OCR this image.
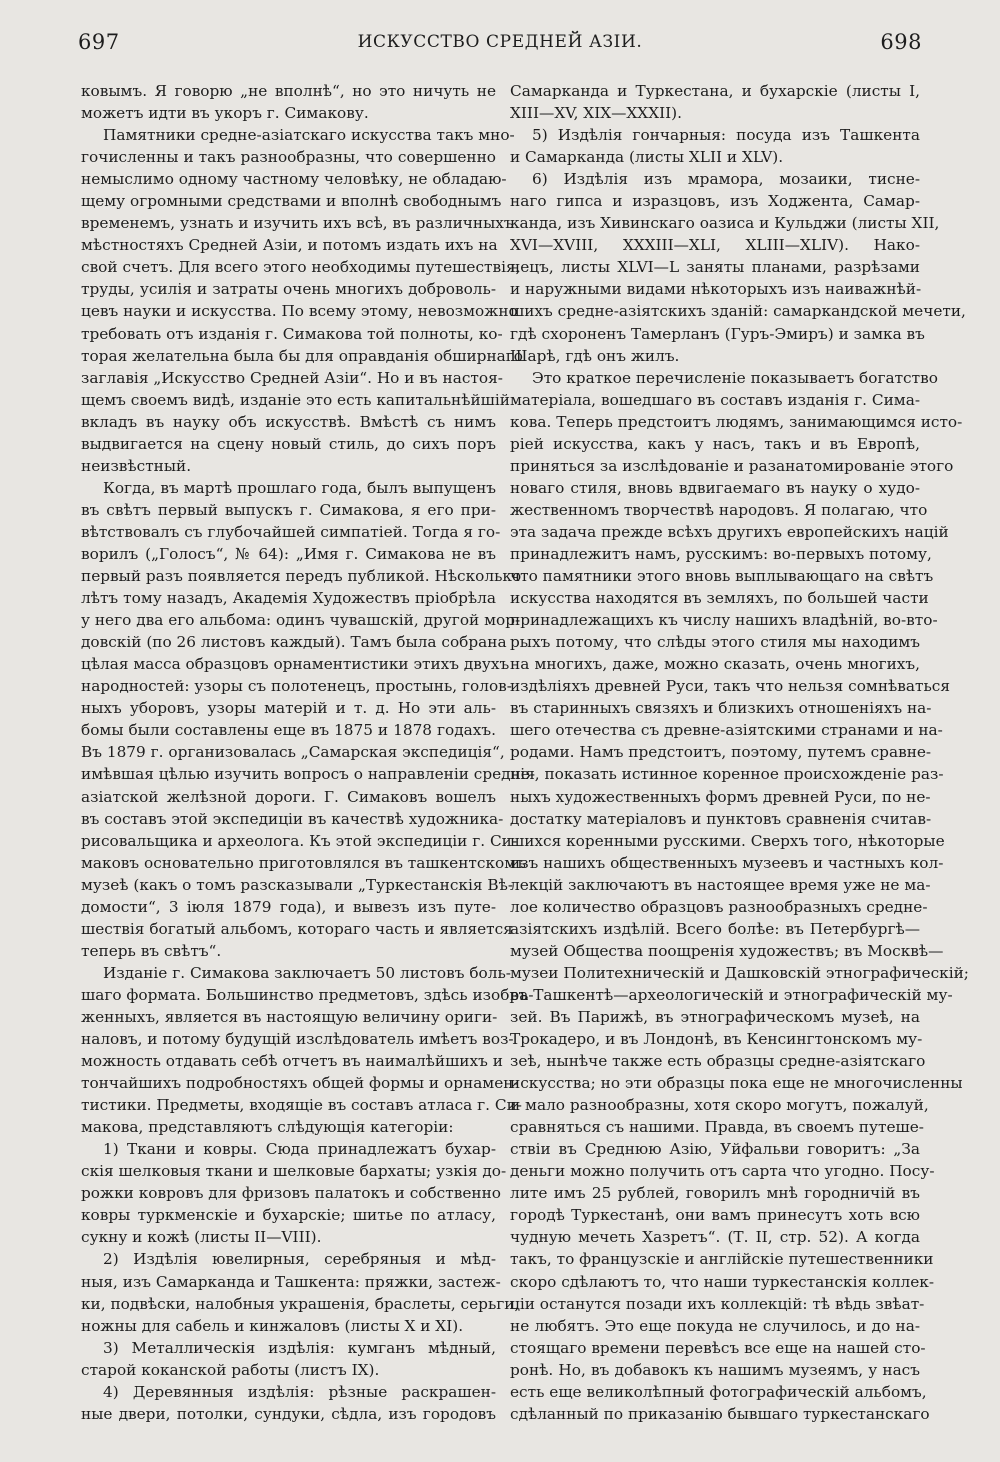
697	ИСКУССТВО СРЕДНЕЙ АЗІИ.	698
ковымъ. Я говорю „не вполнѣ“, но это ничуть не
можетъ идти въ укоръ г. Симакову.
Памятники средне-азіатскаго искусства такъ мно-
гочисленны и такъ разнообразны, что совершенно
немыслимо одному частному человѣку, не обладаю-
щему огромными средствами и вполнѣ свободнымъ
временемъ, узнать и изучить ихъ всѣ, въ различныхъ
мѣстностяхъ Средней Азіи, и потомъ издать ихъ на
свой счетъ. Для всего этого необходимы путешествія,
труды, усилія и затраты очень многихъ доброволь-
цевъ науки и искусства. По всему этому, невозможно
требовать отъ изданія г. Симакова той полноты, ко-
торая желательна была бы для оправданія обширнаго
заглавія „Искусство Средней Азіи“. Но и въ настоя-
щемъ своемъ видѣ, изданіе это есть капитальнѣйшій
вкладъ въ науку объ искусствѣ. Вмѣстѣ съ нимъ
выдвигается на сцену новый стиль, до сихъ поръ
неизвѣстный.
Когда, въ мартѣ прошлаго года, былъ выпущенъ
въ свѣтъ первый выпускъ г. Симакова, я его при-
вѣтствовалъ съ глубочайшей симпатіей. Тогда я го-
ворилъ („Голосъ“, № 64): „Имя г. Симакова не въ
первый разъ появляется передъ публикой. Нѣсколько
лѣтъ тому назадъ, Академія Художествъ пріобрѣла
у него два его альбома: одинъ чувашскій, другой мор-
довскій (по 26 листовъ каждый). Тамъ была собрана
цѣлая масса образцовъ орнаментистики этихъ двухъ
народностей: узоры съ полотенецъ, простынь, голов-
ныхъ уборовъ, узоры матерій и т. д. Но эти аль-
бомы были составлены еще въ 1875 и 1878 годахъ.
Въ 1879 г. организовалась „Самарская экспедиція“,
имѣвшая цѣлью изучить вопросъ о направленіи средне-
азіатской желѣзной дороги. Г. Симаковъ вошелъ
въ составъ этой экспедиціи въ качествѣ художника-
рисовальщика и археолога. Къ этой экспедиціи г. Си-
маковъ основательно приготовлялся въ ташкентскомъ
музеѣ (какъ о томъ разсказывали „Туркестанскія Вѣ-
домости“, 3 іюля 1879 года), и вывезъ изъ путе-
шествія богатый альбомъ, котораго часть и является
теперь въ свѣтъ“.
Изданіе г. Симакова заключаетъ 50 листовъ боль-
шаго формата. Большинство предметовъ, здѣсь изобра-
женныхъ, является въ настоящую величину ориги-
наловъ, и потому будущій изслѣдователь имѣетъ воз-
можность отдавать себѣ отчетъ въ наималѣйшихъ и
тончайшихъ подробностяхъ общей формы и орнамен-
тистики. Предметы, входящіе въ составъ атласа г. Си-
макова, представляютъ слѣдующія категоріи:
1) Ткани и ковры. Сюда принадлежатъ бухар-
скія шелковыя ткани и шелковые бархаты; узкія до-
рожки ковровъ для фризовъ палатокъ и собственно
ковры туркменскіе и бухарскіе; шитье по атласу,
сукну и кожѣ (листы II—VIII).
2) Издѣлія ювелирныя, серебряныя и мѣд-
ныя, изъ Самарканда и Ташкента: пряжки, застеж-
ки, подвѣски, налобныя украшенія, браслеты, серьги,
ножны для сабель и кинжаловъ (листы X и XI).
3) Металлическія издѣлія: кумганъ мѣдный,
старой коканской работы (листъ IX).
4) Деревянныя издѣлія: рѣзные раскрашен-
ные двери, потолки, сундуки, сѣдла, изъ городовъ
Самарканда и Туркестана, и бухарскіе (листы I,
XIII—XV, XIX—XXXII).
5) Издѣлія гончарныя: посуда изъ Ташкента
и Самарканда (листы XLII и XLV).
6) Издѣлія изъ мрамора, мозаики, тисне-
наго гипса и изразцовъ, изъ Ходжента, Самар-
канда, изъ Хивинскаго оазиса и Кульджи (листы XII,
XVI—XVIII, XXXIII—XLI, XLIII—XLIV). Нако-
нецъ, листы XLVI—L заняты планами, разрѣзами
и наружными видами нѣкоторыхъ изъ наиважнѣй-
шихъ средне-азіятскихъ зданій: самаркандской мечети,
гдѣ схороненъ Тамерланъ (Гуръ-Эмиръ) и замка въ
Шарѣ, гдѣ онъ жилъ.
Это краткое перечисленіе показываетъ богатство
матеріала, вошедшаго въ составъ изданія г. Сима-
кова. Теперь предстоитъ людямъ, занимающимся исто-
ріей искусства, какъ у насъ, такъ и въ Европѣ,
приняться за изслѣдованіе и разанатомированіе этого
новаго стиля, вновь вдвигаемаго въ науку о худо-
жественномъ творчествѣ народовъ. Я полагаю, что
эта задача прежде всѣхъ другихъ европейскихъ націй
принадлежитъ намъ, русскимъ: во-первыхъ потому,
что памятники этого вновь выплывающаго на свѣтъ
искусства находятся въ земляхъ, по большей части
принадлежащихъ къ числу нашихъ владѣній, во-вто-
рыхъ потому, что слѣды этого стиля мы находимъ
на многихъ, даже, можно сказать, очень многихъ,
издѣліяхъ древней Руси, такъ что нельзя сомнѣваться
въ старинныхъ связяхъ и близкихъ отношеніяхъ на-
шего отечества съ древне-азіятскими странами и на-
родами. Намъ предстоитъ, поэтому, путемъ сравне-
нія, показать истинное коренное происхожденіе раз-
ныхъ художественныхъ формъ древней Руси, по не-
достатку матеріаловъ и пунктовъ сравненія считав-
шихся коренными русскими. Сверхъ того, нѣкоторые
изъ нашихъ общественныхъ музеевъ и частныхъ кол-
лекцій заключаютъ въ настоящее время уже не ма-
лое количество образцовъ разнообразныхъ средне-
азіятскихъ издѣлій. Всего болѣе: въ Петербургѣ—
музей Общества поощренія художествъ; въ Москвѣ—
музеи Политехническій и Дашковскій этнографическій;
въ Ташкентѣ—археологическій и этнографическій му-
зей. Въ Парижѣ, въ этнографическомъ музеѣ, на
Трокадеро, и въ Лондонѣ, въ Кенсингтонскомъ му-
зеѣ, нынѣче также есть образцы средне-азіятскаго
искусства; но эти образцы пока еще не многочисленны
и мало разнообразны, хотя скоро могутъ, пожалуй,
сравняться съ нашими. Правда, въ своемъ путеше-
ствіи въ Среднюю Азію, Уйфальви говоритъ: „За
деньги можно получить отъ сарта что угодно. Посу-
лите имъ 25 рублей, говорилъ мнѣ городничій въ
городѣ Туркестанѣ, они вамъ принесутъ хоть всю
чудную мечеть Хазретъ“. (Т. II, стр. 52). А когда
такъ, то французскіе и англійскіе путешественники
скоро сдѣлаютъ то, что наши туркестанскія коллек-
ціи останутся позади ихъ коллекцій: тѣ вѣдь звѣат-
не любятъ. Это еще покуда не случилось, и до на-
стоящаго времени перевѣсъ все еще на нашей сто-
ронѣ. Но, въ добавокъ къ нашимъ музеямъ, у насъ
есть еще великолѣпный фотографическій альбомъ,
сдѣланный по приказанію бывшаго туркестанскаго
